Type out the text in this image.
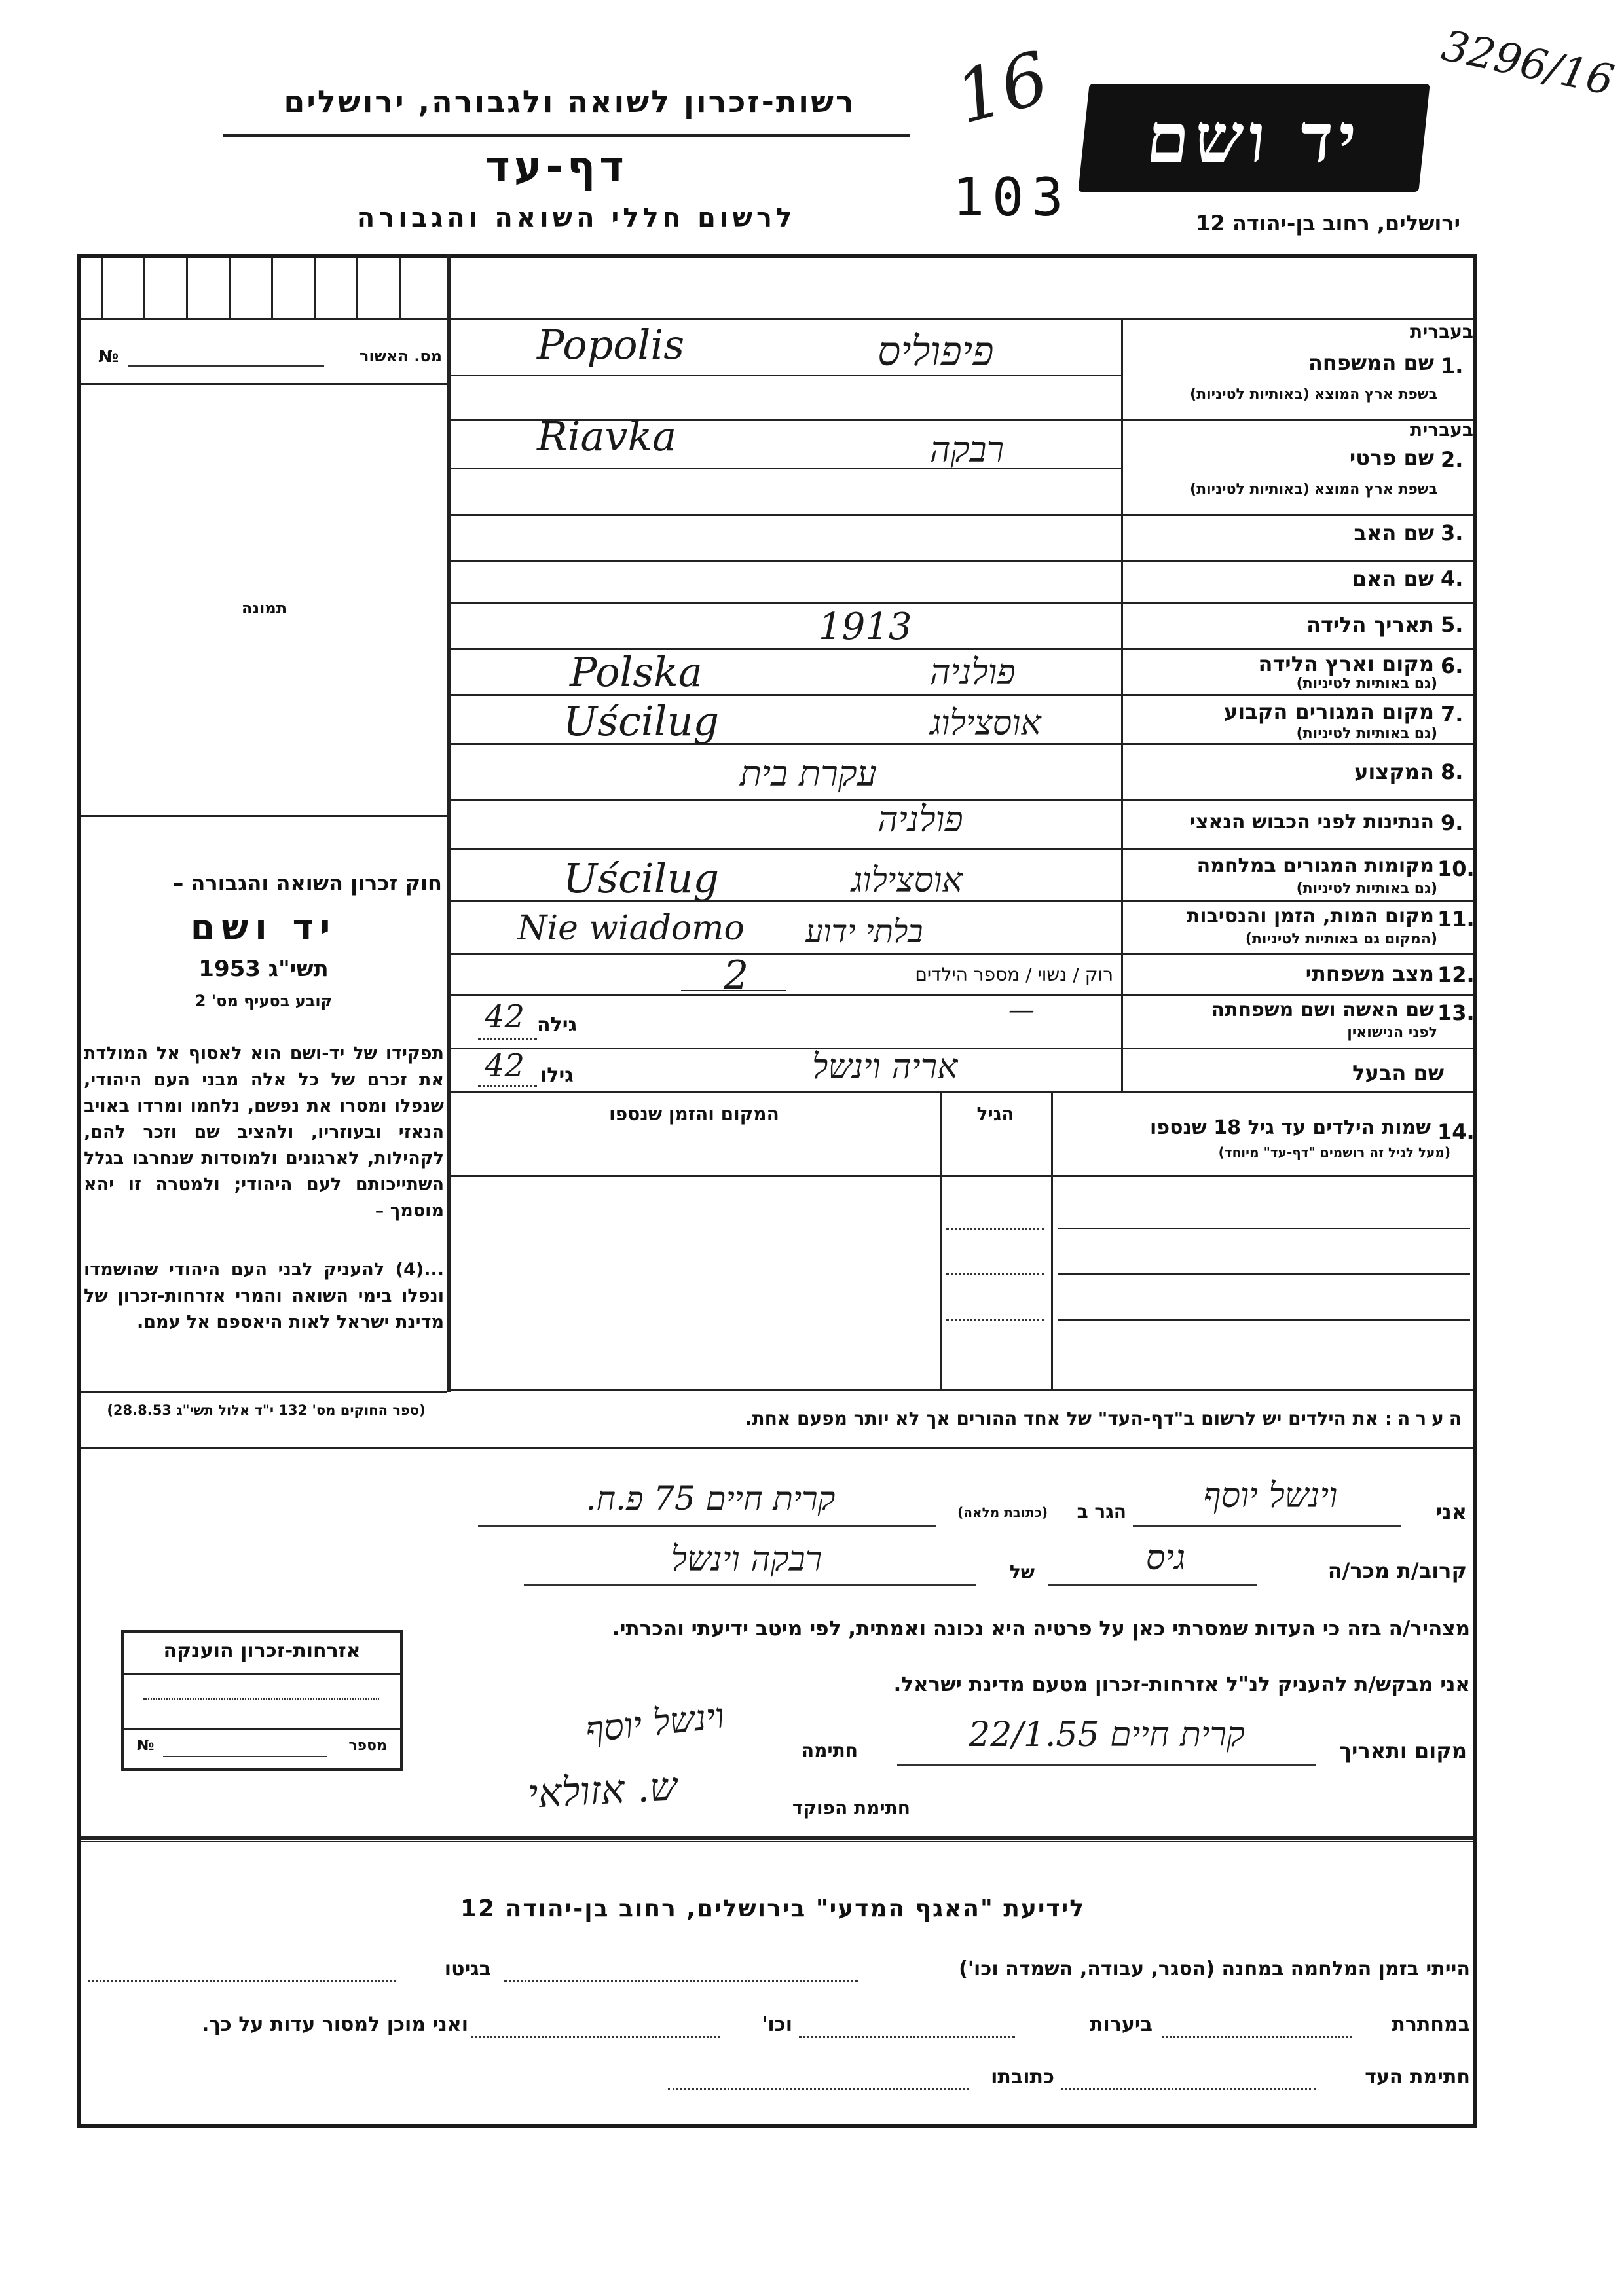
רשות-זכרון לשואה ולגבורה, ירושלים
דף-עד
לרשום חללי השואה והגבורה
יד ושם
ירושלים, רחוב בן-יהודה 12
16	3296/16
103
№	מס. האשור
תמונה
חוק זכרון השואה והגבורה –
יד ושם
תשי"ג 1953
קובע בסעיף מס' 2
תפקידו של יד-ושם הוא לאסוף אל המולדת את זכרם של כל אלה מבני העם היהודי, שנפלו ומסרו את נפשם, נלחמו ומרדו באויב הנאזי ובעוזריו, ולהציב שם וזכר להם, לקהילות, לארגונים ולמוסדות שנחרבו בגלל השתייכותם לעם היהודי; ולמטרה זו יהא מוסמך –
...(4) להעניק לבני העם היהודי שהושמדו ונפלו בימי השואה והמרי אזרחות-זכרון של מדינת ישראל לאות היאספם אל עמם.
(ספר החוקים מס' 132 י"ד אלול תשי"ג 28.8.53)
1.
שם המשפחה
בעברית
בשפת ארץ המוצא (באותיות לטיניות)
Popolis	פיפוליס
2.
שם פרטי
בעברית
בשפת ארץ המוצא (באותיות לטיניות)
Riavka	רבקה
3.
שם האב
4.
שם האם
5.
תאריך הלידה
1913
6.
מקום וארץ הלידה
(גם באותיות לטיניות)
Polska	פולניה
7.
מקום המגורים הקבוע
(גם באותיות לטיניות)
Uścilug	אוסצילוג
8.
המקצוע
עקרת בית
9.
הנתינות לפני הכבוש הנאצי
פולניה
10.
מקומות המגורים במלחמה
(גם באותיות לטיניות)
Uścilug	אוסצילוג
11.
מקום המות, הזמן והנסיבות
(המקום גם באותיות לטיניות)
Nie wiadomo בלתי ידוע
12.
מצב משפחתי
רוק / נשוי / מספר הילדים
2
13.
שם האשה ושם משפחתה
לפני הנישואין
גילה
42	—
שם הבעל
גילו
42	אריה וינשל
14.
שמות הילדים עד גיל 18 שנספו
(מעל לגיל זה רושמים "דף-עד" מיוחד)
הגיל
המקום והזמן שנספו
הערה: את הילדים יש לרשום ב"דף-העד" של אחד ההורים אך לא יותר מפעם אחת.
אני
וינשל יוסף
הגר ב
(כתובת מלאה)
קרית חיים 75 פ.ח.
קרוב/ת מכר/ה
גיס
של
רבקה וינשל
מצהיר/ה בזה כי העדות שמסרתי כאן על פרטיה היא נכונה ואמתית, לפי מיטב ידיעתי והכרתי.
אני מבקש/ת להעניק לנ"ל אזרחות-זכרון מטעם מדינת ישראל.
מקום ותאריך
קרית חיים 22/1.55
חתימה
וינשל יוסף
ש. אזולאי	חתימת הפוקד
אזרחות-זכרון הוענקה
№	מספר
לידיעת "האגף המדעי" בירושלים, רחוב בן-יהודה 12
הייתי בזמן המלחמה במחנה (הסגר, עבודה, השמדה וכו')
בגיטו
במחתרת
ביערות
וכו'
ואני מוכן למסור עדות על כך.
חתימת העד
כתובתו
